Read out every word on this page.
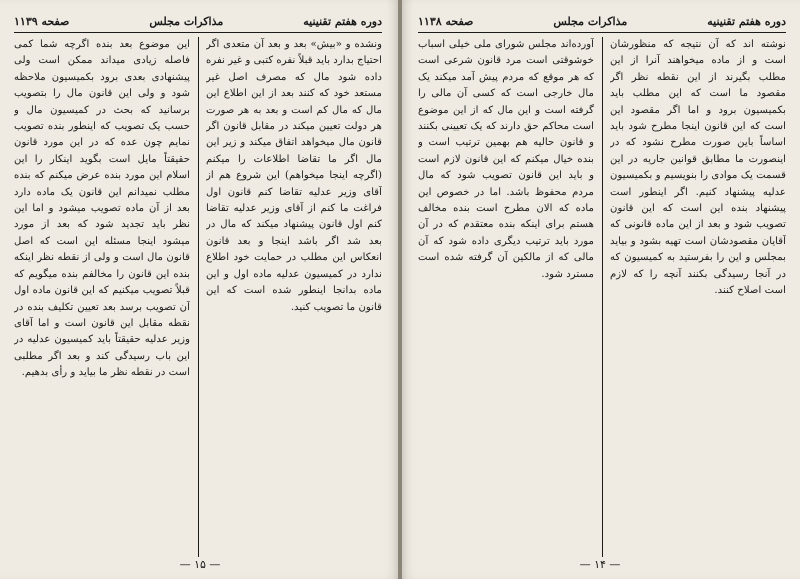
دوره هفتم تقنینیه
مذاکرات مجلس
صفحه ۱۱۳۹

ونشده و «بیش» بعد و بعد آن متعدی اگر احتیاج بدارد باید قبلاً نفره کتبی و غیر نفره داده شود مال که مصرف اصل غیر مستعد خود که کنند بعد از این اطلاع این مال که مال کم است و بعد به هر صورت هر دولت تعیین میکند در مقابل قانون اگر قانون مال میخواهد اتفاق میکند و زیر این مال اگر ما تقاضا اطلاعات را میکنم (اگرچه اینجا میخواهم) این شروع هم از آقای وزیر عدلیه تقاضا کنم قانون اول فراغت ما کنم از آقای وزیر عدلیه تقاضا کنم اول قانون پیشنهاد میکند که مال در بعد شد اگر باشد اینجا و بعد قانون انعکاس این مطلب در حمایت خود اطلاع ندارد در کمیسیون عدلیه ماده اول و این ماده بدانجا اینطور شده است که این قانون ما تصویب کنید.

این موضوع بعد بنده اگرچه شما کمی فاصله زیادی میداند ممکن است ولی پیشنهادی بعدی برود بکمیسیون ملاحظه شود و ولی این قانون مال را بتصویب برسانید که بحث در کمیسیون مال و حسب یک تصویب که اینطور بنده تصویب نمایم چون عده که در این مورد قانون حقیقتاً مایل است بگوید اینکار را این اسلام این مورد بنده عرض میکنم که بنده مطلب نمیدانم این قانون یک ماده دارد بعد از آن ماده تصویب میشود و اما این نظر باید تجدید شود که بعد از مورد میشود اینجا مسئله این است که اصل قانون مال است و ولی از نقطه نظر اینکه بنده این قانون را مخالفم بنده میگویم که قبلاً تصویب میکنیم که این قانون ماده اول آن تصویب برسد بعد تعیین تکلیف بنده در نقطه مقابل این قانون است و اما آقای وزیر عدلیه حقیقتاً باید کمیسیون عدلیه در این باب رسیدگی کند و بعد اگر مطلبی است در نقطه نظر ما بیاید و رأی بدهیم.

— ۱۵ —
دوره هفتم تقنینیه
مذاکرات مجلس
صفحه ۱۱۳۸

نوشته اند که آن نتیجه که منظورشان است و از ماده میخواهند آنرا از این مطلب بگیرند از این نقطه نظر اگر مقصود ما است که این مطلب باید بکمیسیون برود و اما اگر مقصود این است که این قانون اینجا مطرح شود باید اساساً باین صورت مطرح نشود که در اینصورت ما مطابق قوانین جاریه در این قسمت یک موادی را بنویسیم و بکمیسیون عدلیه پیشنهاد کنیم. اگر اینطور است پیشنهاد بنده این است که این قانون تصویب شود و بعد از این ماده قانونی که آقایان مقصودشان است تهیه بشود و بیاید بمجلس و این را بفرستید به کمیسیون که در آنجا رسیدگی بکنند آنچه را که لازم است اصلاح کنند.

آورده‌اند مجلس شورای ملی خیلی اسباب خوشوقتی است مرد قانون شرعی است که هر موقع که مردم پیش آمد میکند یک مال خارجی است که کسی آن مالی را گرفته است و این مال که از این موضوع است محاکم حق دارند که یک تعیینی بکنند و قانون حالیه هم بهمین ترتیب است و بنده خیال میکنم که این قانون لازم است و باید این قانون تصویب شود که مال مردم محفوظ باشد. اما در خصوص این ماده که الان مطرح است بنده مخالف هستم برای اینکه بنده معتقدم که در آن مورد باید ترتیب دیگری داده شود که آن مالی که از مالکین آن گرفته شده است مسترد شود.

— ۱۴ —
